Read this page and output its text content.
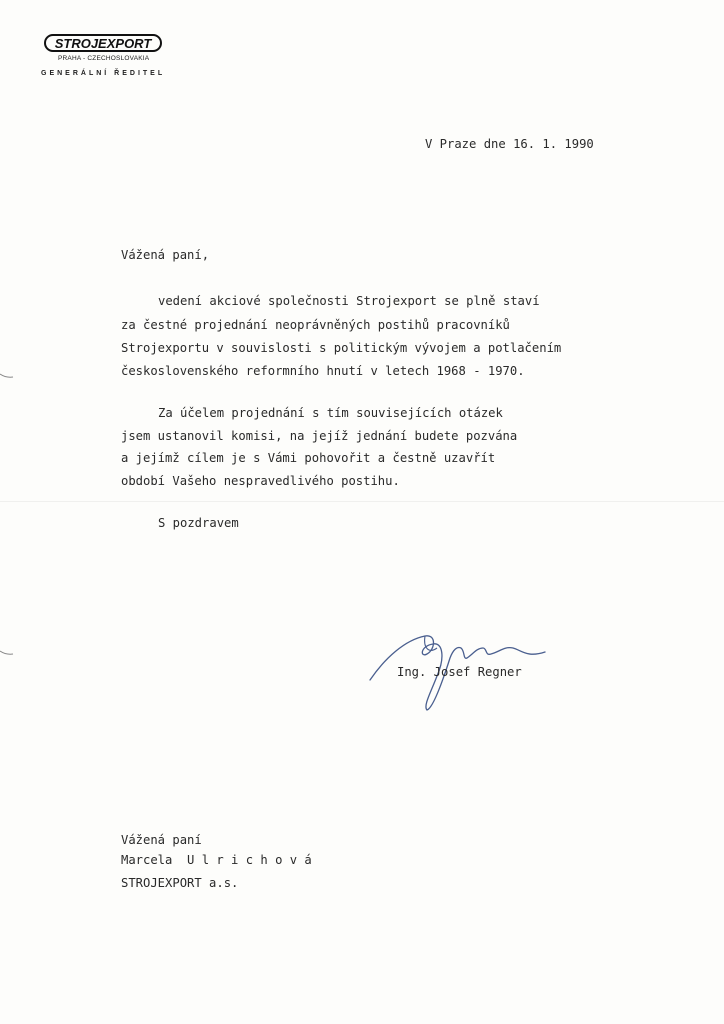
STROJEXPORT
PRAHA - CZECHOSLOVAKIA
GENERÁLNÍ ŘEDITEL
V Praze dne 16. 1. 1990
Vážená paní,
vedení akciové společnosti Strojexport se plně staví
za čestné projednání neoprávněných postihů pracovníků
Strojexportu v souvislosti s politickým vývojem a potlačením
československého reformního hnutí v letech 1968 - 1970.
Za účelem projednání s tím souvisejících otázek
jsem ustanovil komisi, na jejíž jednání budete pozvána
a jejímž cílem je s Vámi pohovořit a čestně uzavřít
období Vašeho nespravedlivého postihu.
S pozdravem
Ing. Josef Regner
Vážená paní
Marcela  U l r i c h o v á
STROJEXPORT a.s.
